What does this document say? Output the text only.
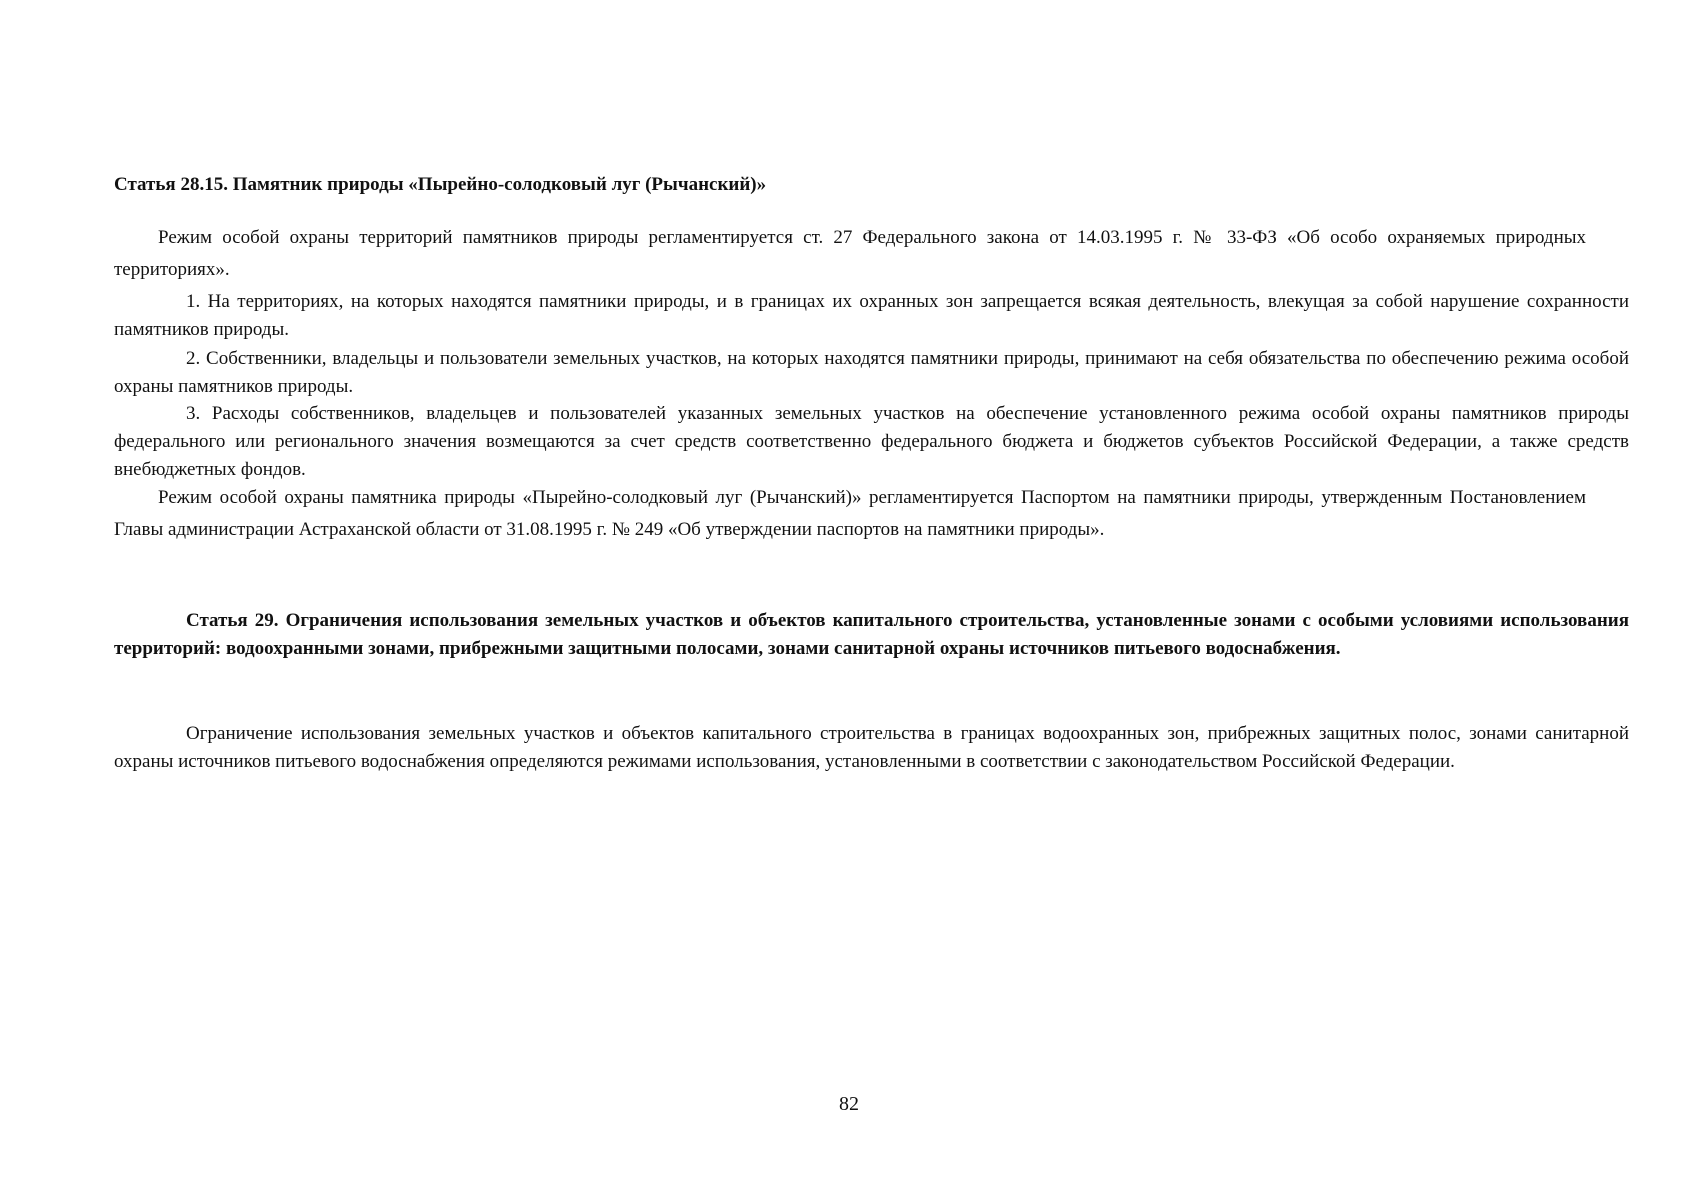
Статья 28.15. Памятник природы «Пырейно-солодковый луг (Рычанский)»
Режим особой охраны территорий памятников природы регламентируется ст. 27 Федерального закона от 14.03.1995 г. № 33-ФЗ «Об особо охраняемых природных территориях».
1. На территориях, на которых находятся памятники природы, и в границах их охранных зон запрещается всякая деятельность, влекущая за собой нарушение сохранности памятников природы.
2. Собственники, владельцы и пользователи земельных участков, на которых находятся памятники природы, принимают на себя обязательства по обеспечению режима особой охраны памятников природы.
3. Расходы собственников, владельцев и пользователей указанных земельных участков на обеспечение установленного режима особой охраны памятников природы федерального или регионального значения возмещаются за счет средств соответственно федерального бюджета и бюджетов субъектов Российской Федерации, а также средств внебюджетных фондов.
Режим особой охраны памятника природы «Пырейно-солодковый луг (Рычанский)» регламентируется Паспортом на памятники природы, утвержденным Постановлением Главы администрации Астраханской области от 31.08.1995 г. № 249 «Об утверждении паспортов на памятники природы».
Статья 29. Ограничения использования земельных участков и объектов капитального строительства, установленные зонами с особыми условиями использования территорий: водоохранными зонами, прибрежными защитными полосами, зонами санитарной охраны источников питьевого водоснабжения.
Ограничение использования земельных участков и объектов капитального строительства в границах водоохранных зон, прибрежных защитных полос, зонами санитарной охраны источников питьевого водоснабжения определяются режимами использования, установленными в соответствии с законодательством Российской Федерации.
82
